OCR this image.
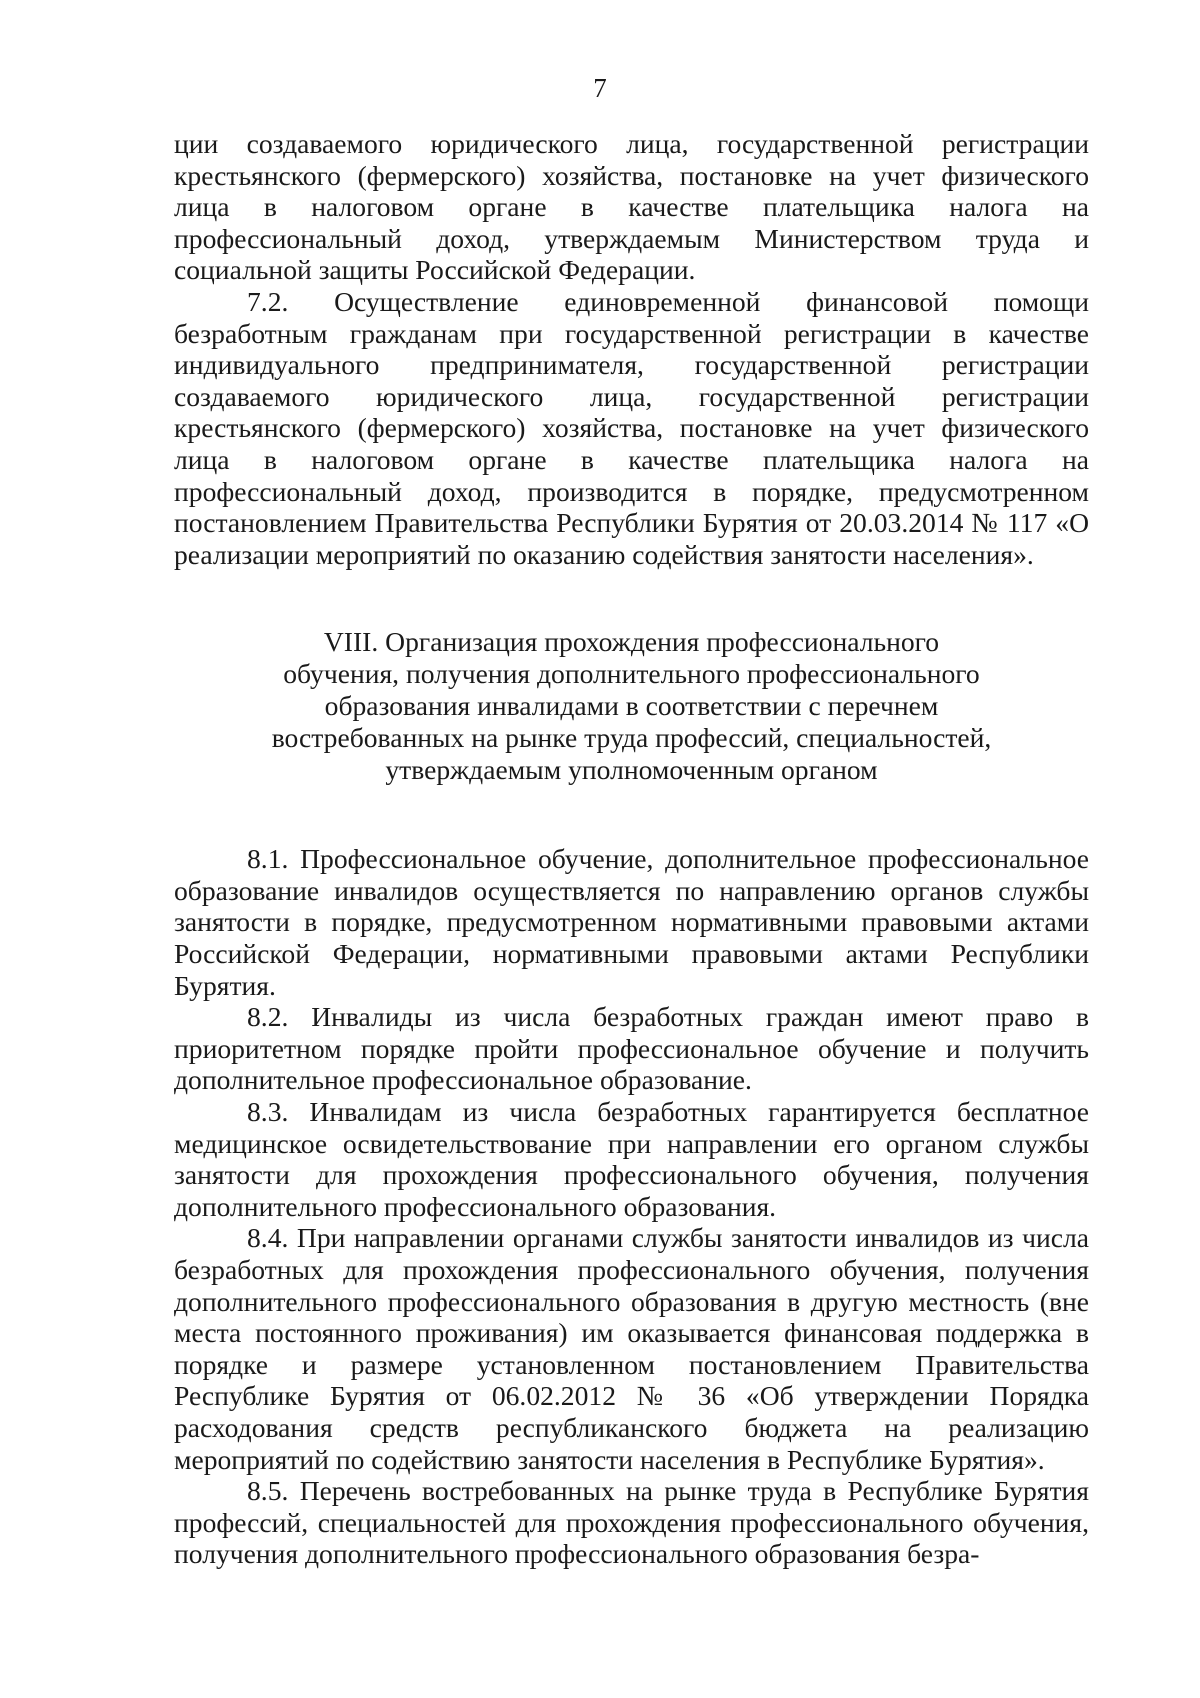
7

ции создаваемого юридического лица, государственной регистрации крестьянского (фермерского) хозяйства, постановке на учет физического лица в налоговом органе в качестве плательщика налога на профессиональный доход, утверждаемым Министерством труда и социальной защиты Российской Федерации.

7.2. Осуществление единовременной финансовой помощи безработным гражданам при государственной регистрации в качестве индивидуального предпринимателя, государственной регистрации создаваемого юридического лица, государственной регистрации крестьянского (фермерского) хозяйства, постановке на учет физического лица в налоговом органе в качестве плательщика налога на профессиональный доход, производится в порядке, предусмотренном постановлением Правительства Республики Бурятия от 20.03.2014 № 117 «О реализации мероприятий по оказанию содействия занятости населения».

VIII. Организация прохождения профессионального
обучения, получения дополнительного профессионального
образования инвалидами в соответствии с перечнем
востребованных на рынке труда профессий, специальностей,
утверждаемым уполномоченным органом

8.1. Профессиональное обучение, дополнительное профессиональное образование инвалидов осуществляется по направлению органов службы занятости в порядке, предусмотренном нормативными правовыми актами Российской Федерации, нормативными правовыми актами Республики Бурятия.

8.2. Инвалиды из числа безработных граждан имеют право в приоритетном порядке пройти профессиональное обучение и получить дополнительное профессиональное образование.

8.3. Инвалидам из числа безработных гарантируется бесплатное медицинское освидетельствование при направлении его органом службы занятости для прохождения профессионального обучения, получения дополнительного профессионального образования.

8.4. При направлении органами службы занятости инвалидов из числа безработных для прохождения профессионального обучения, получения дополнительного профессионального образования в другую местность (вне места постоянного проживания) им оказывается финансовая поддержка в порядке и размере установленном постановлением Правительства Республике Бурятия от 06.02.2012 № 36 «Об утверждении Порядка расходования средств республиканского бюджета на реализацию мероприятий по содействию занятости населения в Республике Бурятия».

8.5. Перечень востребованных на рынке труда в Республике Бурятия профессий, специальностей для прохождения профессионального обучения, получения дополнительного профессионального образования безра-
